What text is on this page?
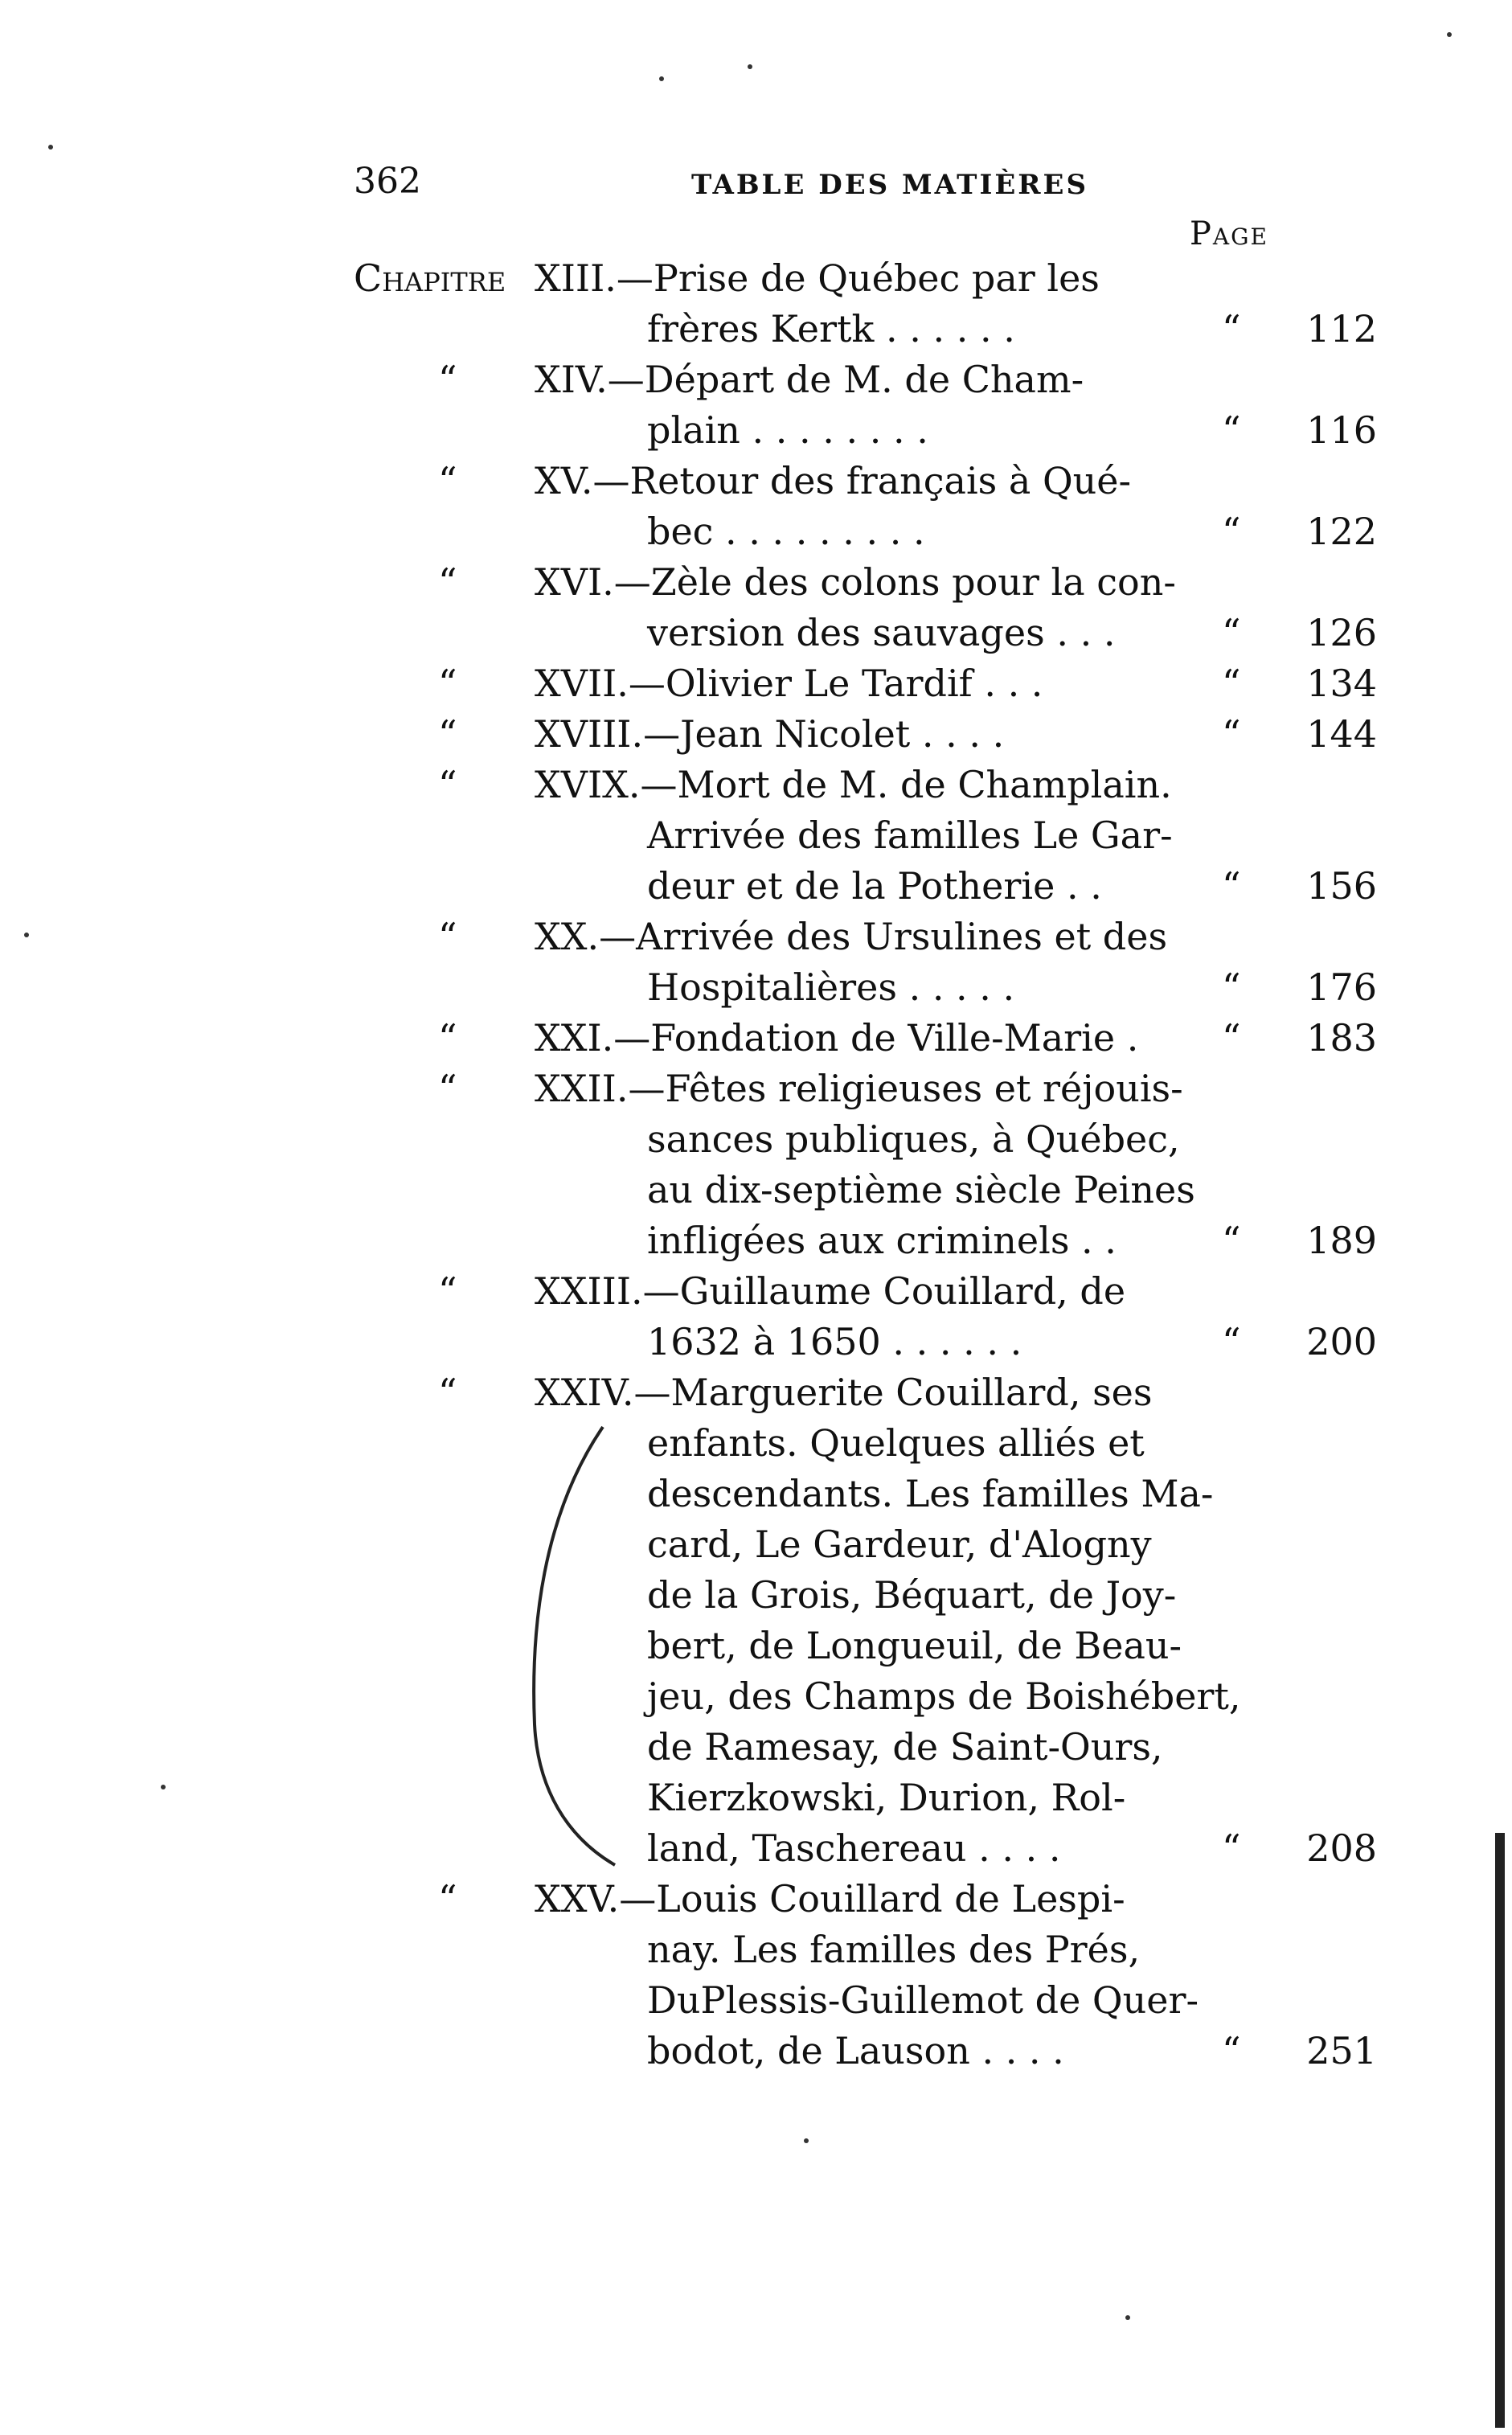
362	TABLE DES MATIÈRES
Page
Chapitre XIII.—Prise de Québec par les
frères Kertk . . . . . .	“ 112
“ XIV.—Départ de M. de Cham-
plain . . . . . . . .	“ 116
“ XV.—Retour des français à Qué-
bec . . . . . . . . .	“ 122
“ XVI.—Zèle des colons pour la con-
version des sauvages . . .	“ 126
“ XVII.—Olivier Le Tardif . . .	“ 134
“ XVIII.—Jean Nicolet . . . .	“ 144
“ XVIX.—Mort de M. de Champlain.
Arrivée des familles Le Gar-
deur et de la Potherie . .	“ 156
“ XX.—Arrivée des Ursulines et des
Hospitalières . . . . .	“ 176
“ XXI.—Fondation de Ville-Marie . “ 183
“ XXII.—Fêtes religieuses et réjouis-
sances publiques, à Québec,
au dix-septième siècle Peines
infligées aux criminels . .	“ 189
“ XXIII.—Guillaume Couillard, de
1632 à 1650 . . . . . .	“ 200
“ XXIV.—Marguerite Couillard, ses
enfants. Quelques alliés et
descendants. Les familles Ma-
card, Le Gardeur, d'Alogny
de la Grois, Béquart, de Joy-
bert, de Longueuil, de Beau-
jeu, des Champs de Boishébert,
de Ramesay, de Saint-Ours,
Kierzkowski, Durion, Rol-
land, Taschereau . . . .	“ 208
“ XXV.—Louis Couillard de Lespi-
nay. Les familles des Prés,
DuPlessis-Guillemot de Quer-
bodot, de Lauson . . . .	“ 251
